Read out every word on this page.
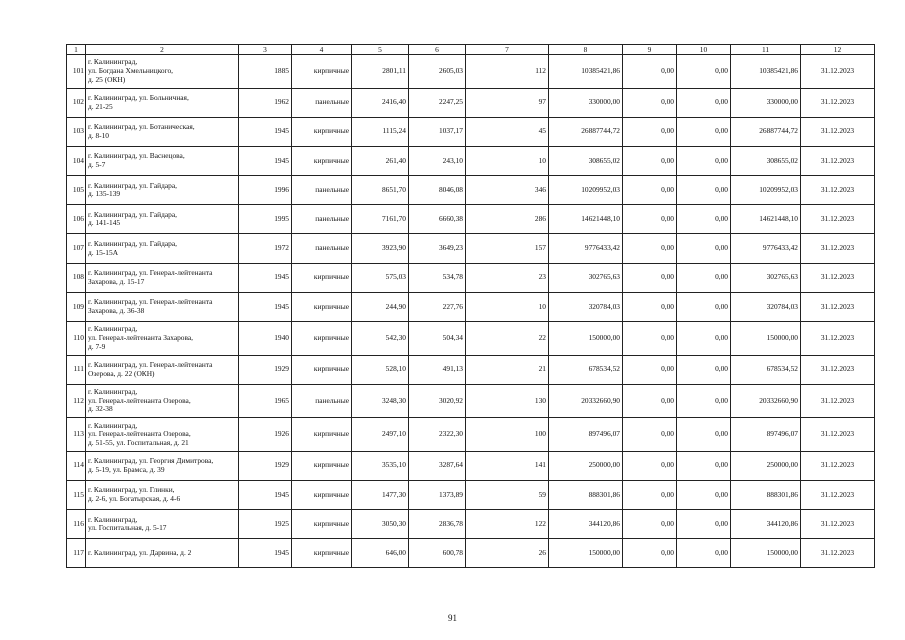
1	2	3	4	5	6	7	8	9	10	11	12
101	г. Калининград,
ул. Богдана Хмельницкого,
д. 25 (ОКН)	1885	кирпичные	2801,11	2605,03	112	10385421,86	0,00	0,00	10385421,86	31.12.2023
102	г. Калининград, ул. Больничная,
д. 21-25	1962	панельные	2416,40	2247,25	97	330000,00	0,00	0,00	330000,00	31.12.2023
103	г. Калининград, ул. Ботаническая,
д. 8-10	1945	кирпичные	1115,24	1037,17	45	26887744,72	0,00	0,00	26887744,72	31.12.2023
104	г. Калининград, ул. Васнецова,
д. 5-7	1945	кирпичные	261,40	243,10	10	308655,02	0,00	0,00	308655,02	31.12.2023
105	г. Калининград, ул. Гайдара,
д. 135-139	1996	панельные	8651,70	8046,08	346	10209952,03	0,00	0,00	10209952,03	31.12.2023
106	г. Калининград, ул. Гайдара,
д. 141-145	1995	панельные	7161,70	6660,38	286	14621448,10	0,00	0,00	14621448,10	31.12.2023
107	г. Калининград, ул. Гайдара,
д. 15-15А	1972	панельные	3923,90	3649,23	157	9776433,42	0,00	0,00	9776433,42	31.12.2023
108	г. Калининград, ул. Генерал-лейтенанта
Захарова, д. 15-17	1945	кирпичные	575,03	534,78	23	302765,63	0,00	0,00	302765,63	31.12.2023
109	г. Калининград, ул. Генерал-лейтенанта
Захарова, д. 36-38	1945	кирпичные	244,90	227,76	10	320784,03	0,00	0,00	320784,03	31.12.2023
110	г. Калининград,
ул. Генерал-лейтенанта Захарова,
д. 7-9	1940	кирпичные	542,30	504,34	22	150000,00	0,00	0,00	150000,00	31.12.2023
111	г. Калининград, ул. Генерал-лейтенанта
Озерова, д. 22 (ОКН)	1929	кирпичные	528,10	491,13	21	678534,52	0,00	0,00	678534,52	31.12.2023
112	г. Калининград,
ул. Генерал-лейтенанта Озерова,
д. 32-38	1965	панельные	3248,30	3020,92	130	20332660,90	0,00	0,00	20332660,90	31.12.2023
113	г. Калининград,
ул. Генерал-лейтенанта Озерова,
д. 51-55, ул. Госпитальная, д. 21	1926	кирпичные	2497,10	2322,30	100	897496,07	0,00	0,00	897496,07	31.12.2023
114	г. Калининград, ул. Георгия Димитрова,
д. 5-19, ул. Брамса, д. 39	1929	кирпичные	3535,10	3287,64	141	250000,00	0,00	0,00	250000,00	31.12.2023
115	г. Калининград, ул. Глинки,
д. 2-6, ул. Богатырская, д. 4-6	1945	кирпичные	1477,30	1373,89	59	888301,86	0,00	0,00	888301,86	31.12.2023
116	г. Калининград,
ул. Госпитальная, д. 5-17	1925	кирпичные	3050,30	2836,78	122	344120,86	0,00	0,00	344120,86	31.12.2023
117	г. Калининград, ул. Дарвина, д. 2	1945	кирпичные	646,00	600,78	26	150000,00	0,00	0,00	150000,00	31.12.2023
91
